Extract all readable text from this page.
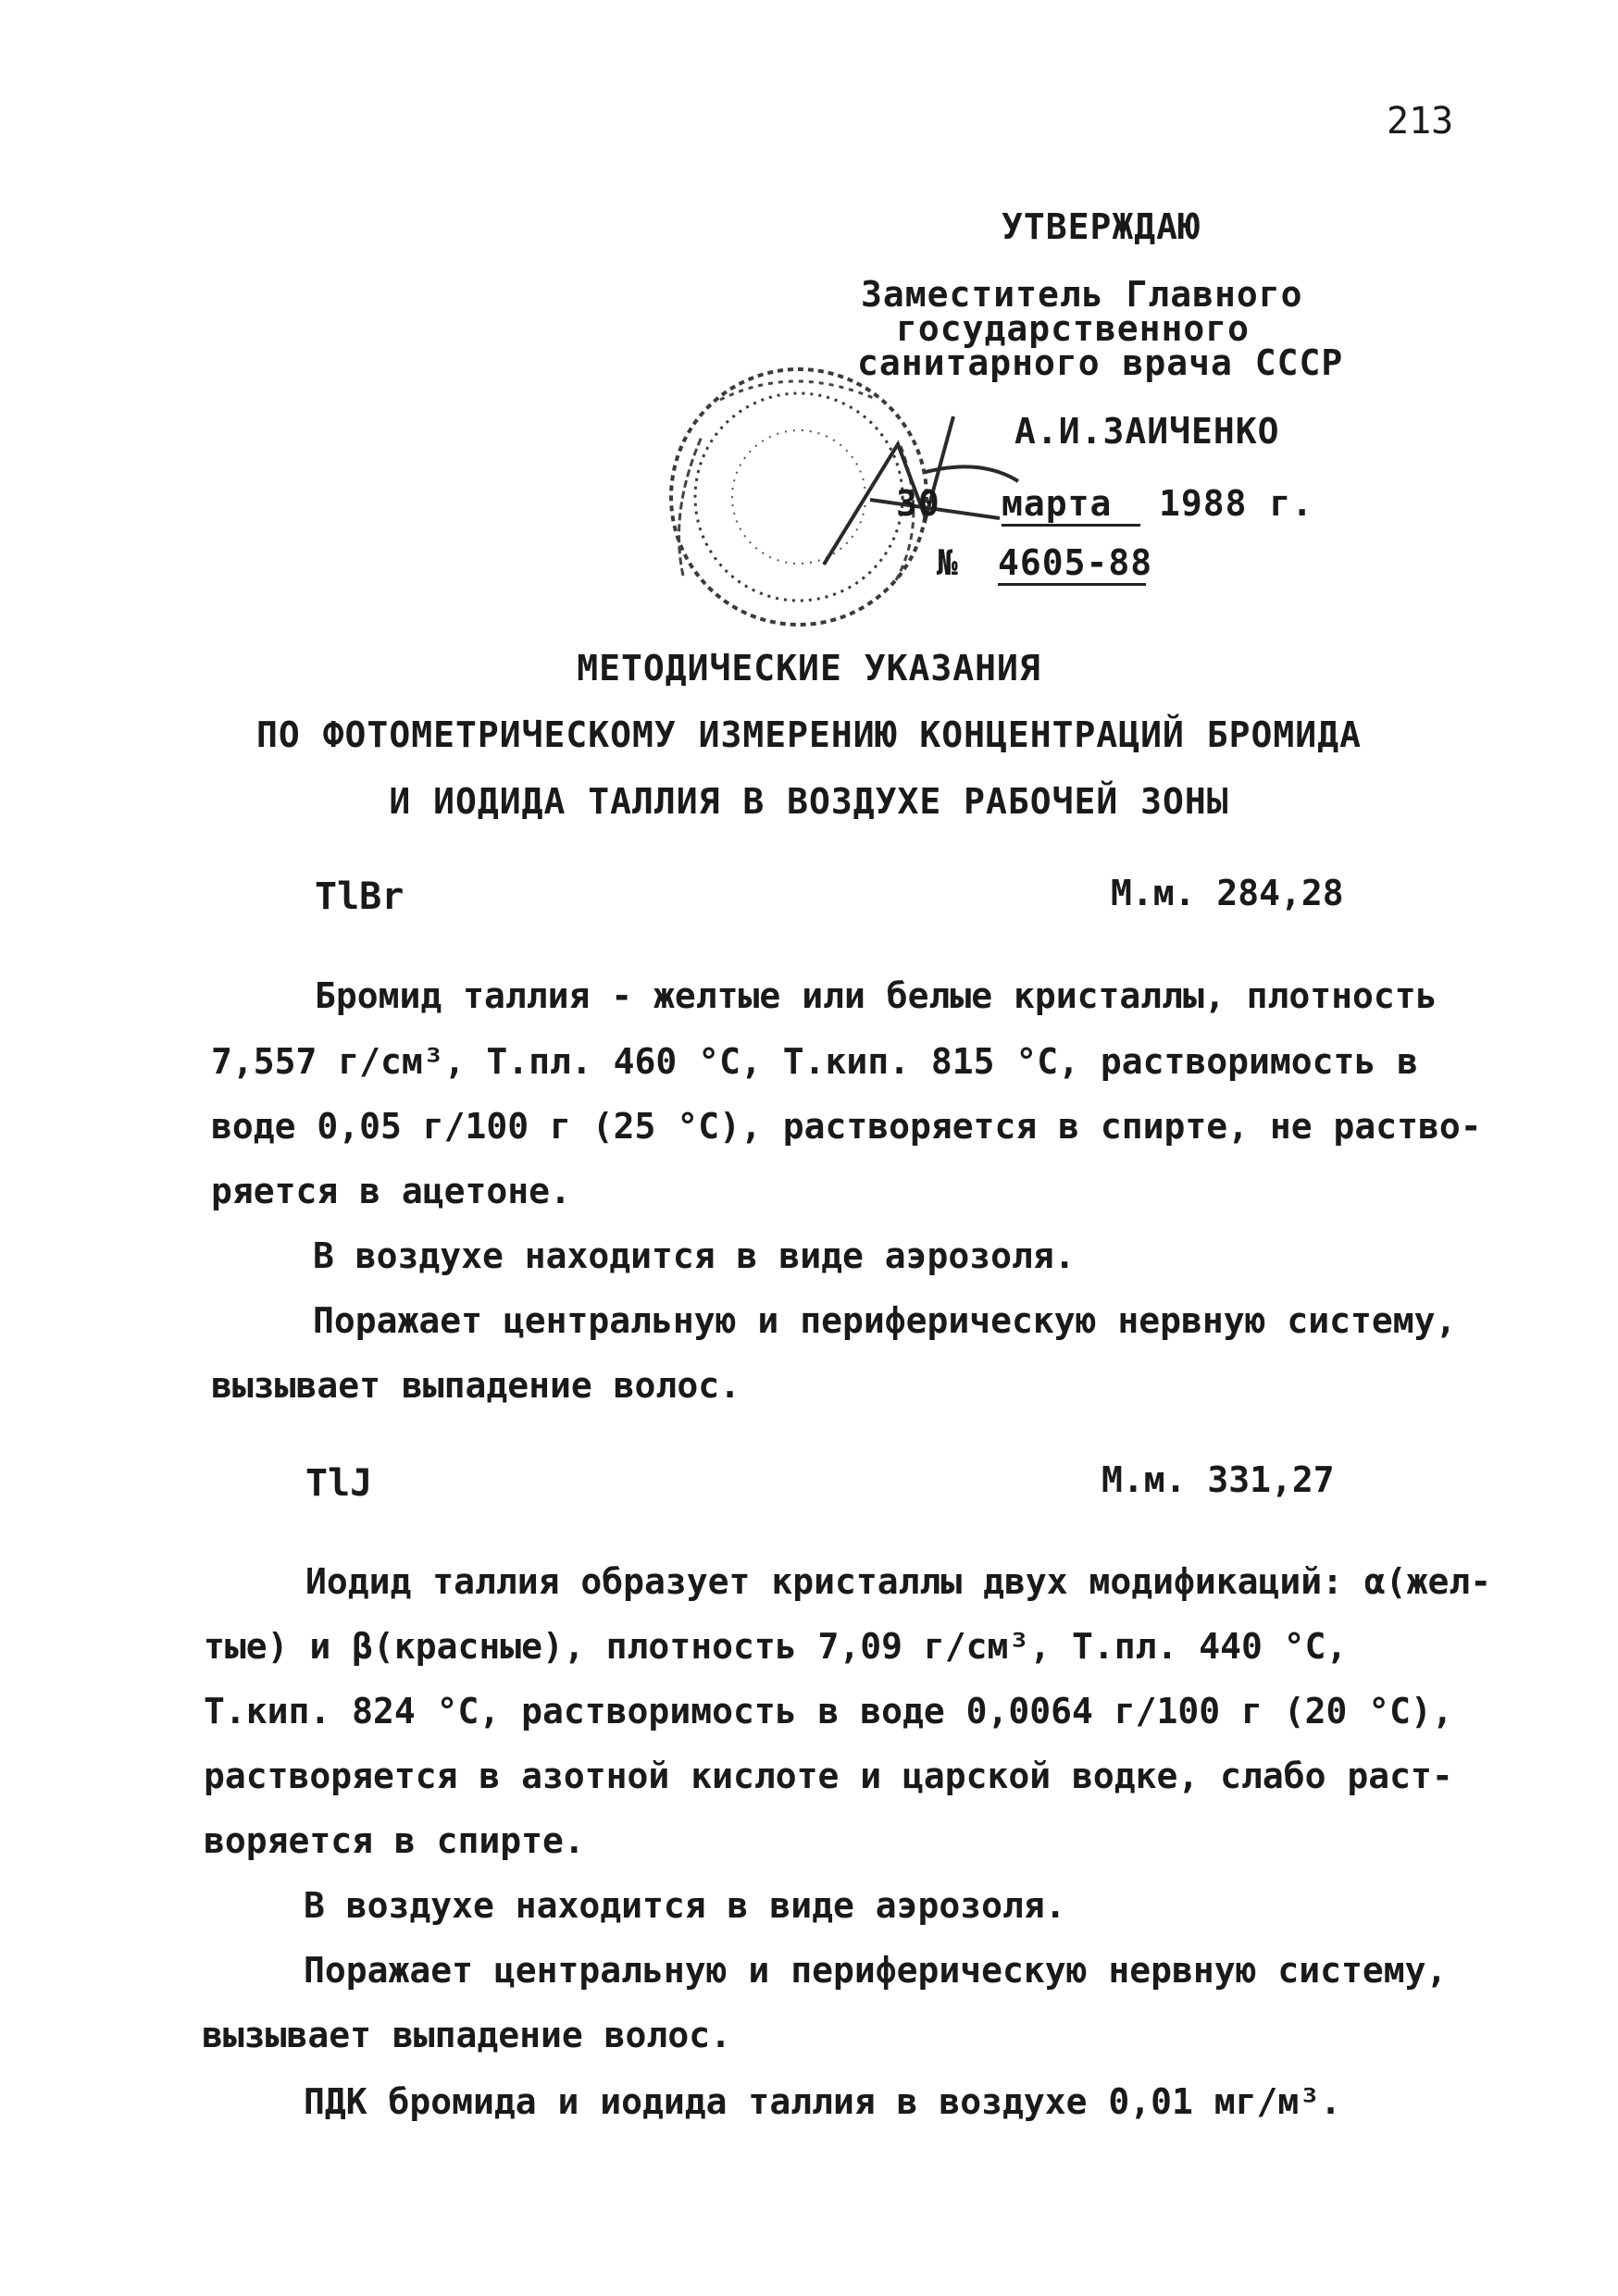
213
УТВЕРЖДАЮ
Заместитель Главного
государственного
санитарного врача СССР
А.И.ЗАИЧЕНКО
30 марта	1988 г.
№ 4605-88
МЕТОДИЧЕСКИЕ УКАЗАНИЯ
ПО ФОТОМЕТРИЧЕСКОМУ ИЗМЕРЕНИЮ КОНЦЕНТРАЦИЙ БРОМИДА
И ИОДИДА ТАЛЛИЯ В ВОЗДУХЕ РАБОЧЕЙ ЗОНЫ
TlBr	М.м. 284,28
Бромид таллия - желтые или белые кристаллы, плотность
7,557 г/см³, Т.пл. 460 °С, Т.кип. 815 °С, растворимость в
воде 0,05 г/100 г (25 °С), растворяется в спирте, не раство-
ряется в ацетоне.
В воздухе находится в виде аэрозоля.
Поражает центральную и периферическую нервную систему,
вызывает выпадение волос.
TlJ	М.м. 331,27
Иодид таллия образует кристаллы двух модификаций: α(жел-
тые) и β(красные), плотность 7,09 г/см³, Т.пл. 440 °С,
Т.кип. 824 °С, растворимость в воде 0,0064 г/100 г (20 °С),
растворяется в азотной кислоте и царской водке, слабо раст-
воряется в спирте.
В воздухе находится в виде аэрозоля.
Поражает центральную и периферическую нервную систему,
вызывает выпадение волос.
ПДК бромида и иодида таллия в воздухе 0,01 мг/м³.
